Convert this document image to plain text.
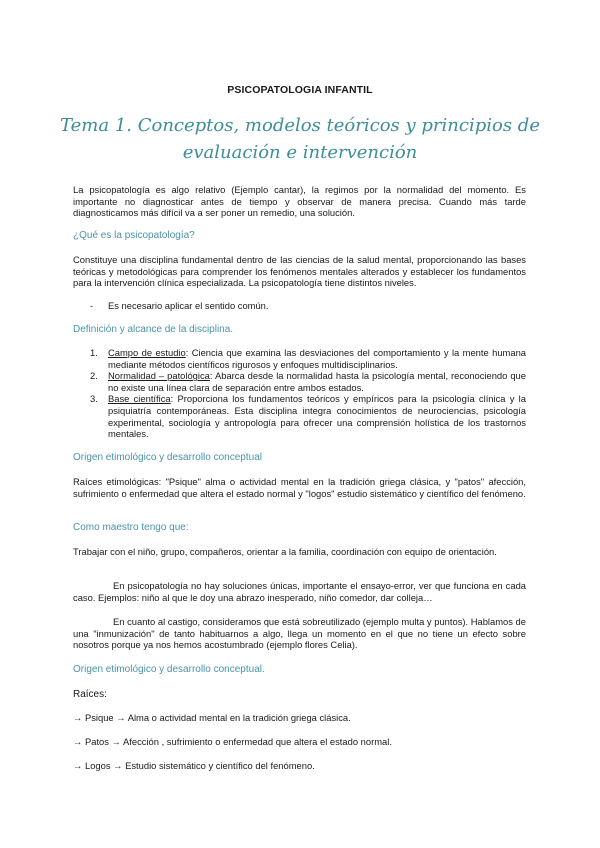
PSICOPATOLOGIA INFANTIL
Tema 1. Conceptos, modelos teóricos y principios de evaluación e intervención
La psicopatología es algo relativo (Ejemplo cantar), la regimos por la normalidad del momento. Es importante no diagnosticar antes de tiempo y observar de manera precisa. Cuando más tarde diagnosticamos más difícil va a ser poner un remedio, una solución.
¿Qué es la psicopatología?
Constituye una disciplina fundamental dentro de las ciencias de la salud mental, proporcionando las bases teóricas y metodológicas para comprender los fenómenos mentales alterados y establecer los fundamentos para la intervención clínica especializada. La psicopatología tiene distintos niveles.
- Es necesario aplicar el sentido común.
Definición y alcance de la disciplina.
1. Campo de estudio: Ciencia que examina las desviaciones del comportamiento y la mente humana mediante métodos científicos rigurosos y enfoques multidisciplinarios.
2. Normalidad – patológica: Abarca desde la normalidad hasta la psicología mental, reconociendo que no existe una línea clara de separación entre ambos estados.
3. Base científica: Proporciona los fundamentos teóricos y empíricos para la psicología clínica y la psiquiatría contemporáneas. Esta disciplina integra conocimientos de neurociencias, psicología experimental, sociología y antropología para ofrecer una comprensión holística de los trastornos mentales.
Origen etimológico y desarrollo conceptual
Raíces etimológicas: "Psique" alma o actividad mental en la tradición griega clásica, y "patos" afección, sufrimiento o enfermedad que altera el estado normal y "logos" estudio sistemático y científico del fenómeno.
Como maestro tengo que:
Trabajar con el niño, grupo, compañeros, orientar a la familia, coordinación con equipo de orientación.
En psicopatología no hay soluciones únicas, importante el ensayo-error, ver que funciona en cada caso. Ejemplos: niño al que le doy una abrazo inesperado, niño comedor, dar colleja…
En cuanto al castigo, consideramos que está sobreutilizado (ejemplo multa y puntos). Hablamos de una "inmunización" de tanto habituarnos a algo, llega un momento en el que no tiene un efecto sobre nosotros porque ya nos hemos acostumbrado (ejemplo flores Celia).
Origen etimológico y desarrollo conceptual.
Raíces:
→ Psique → Alma o actividad mental en la tradición griega clásica.
→ Patos → Afección , sufrimiento o enfermedad que altera el estado normal.
→ Logos → Estudio sistemático y científico del fenómeno.
